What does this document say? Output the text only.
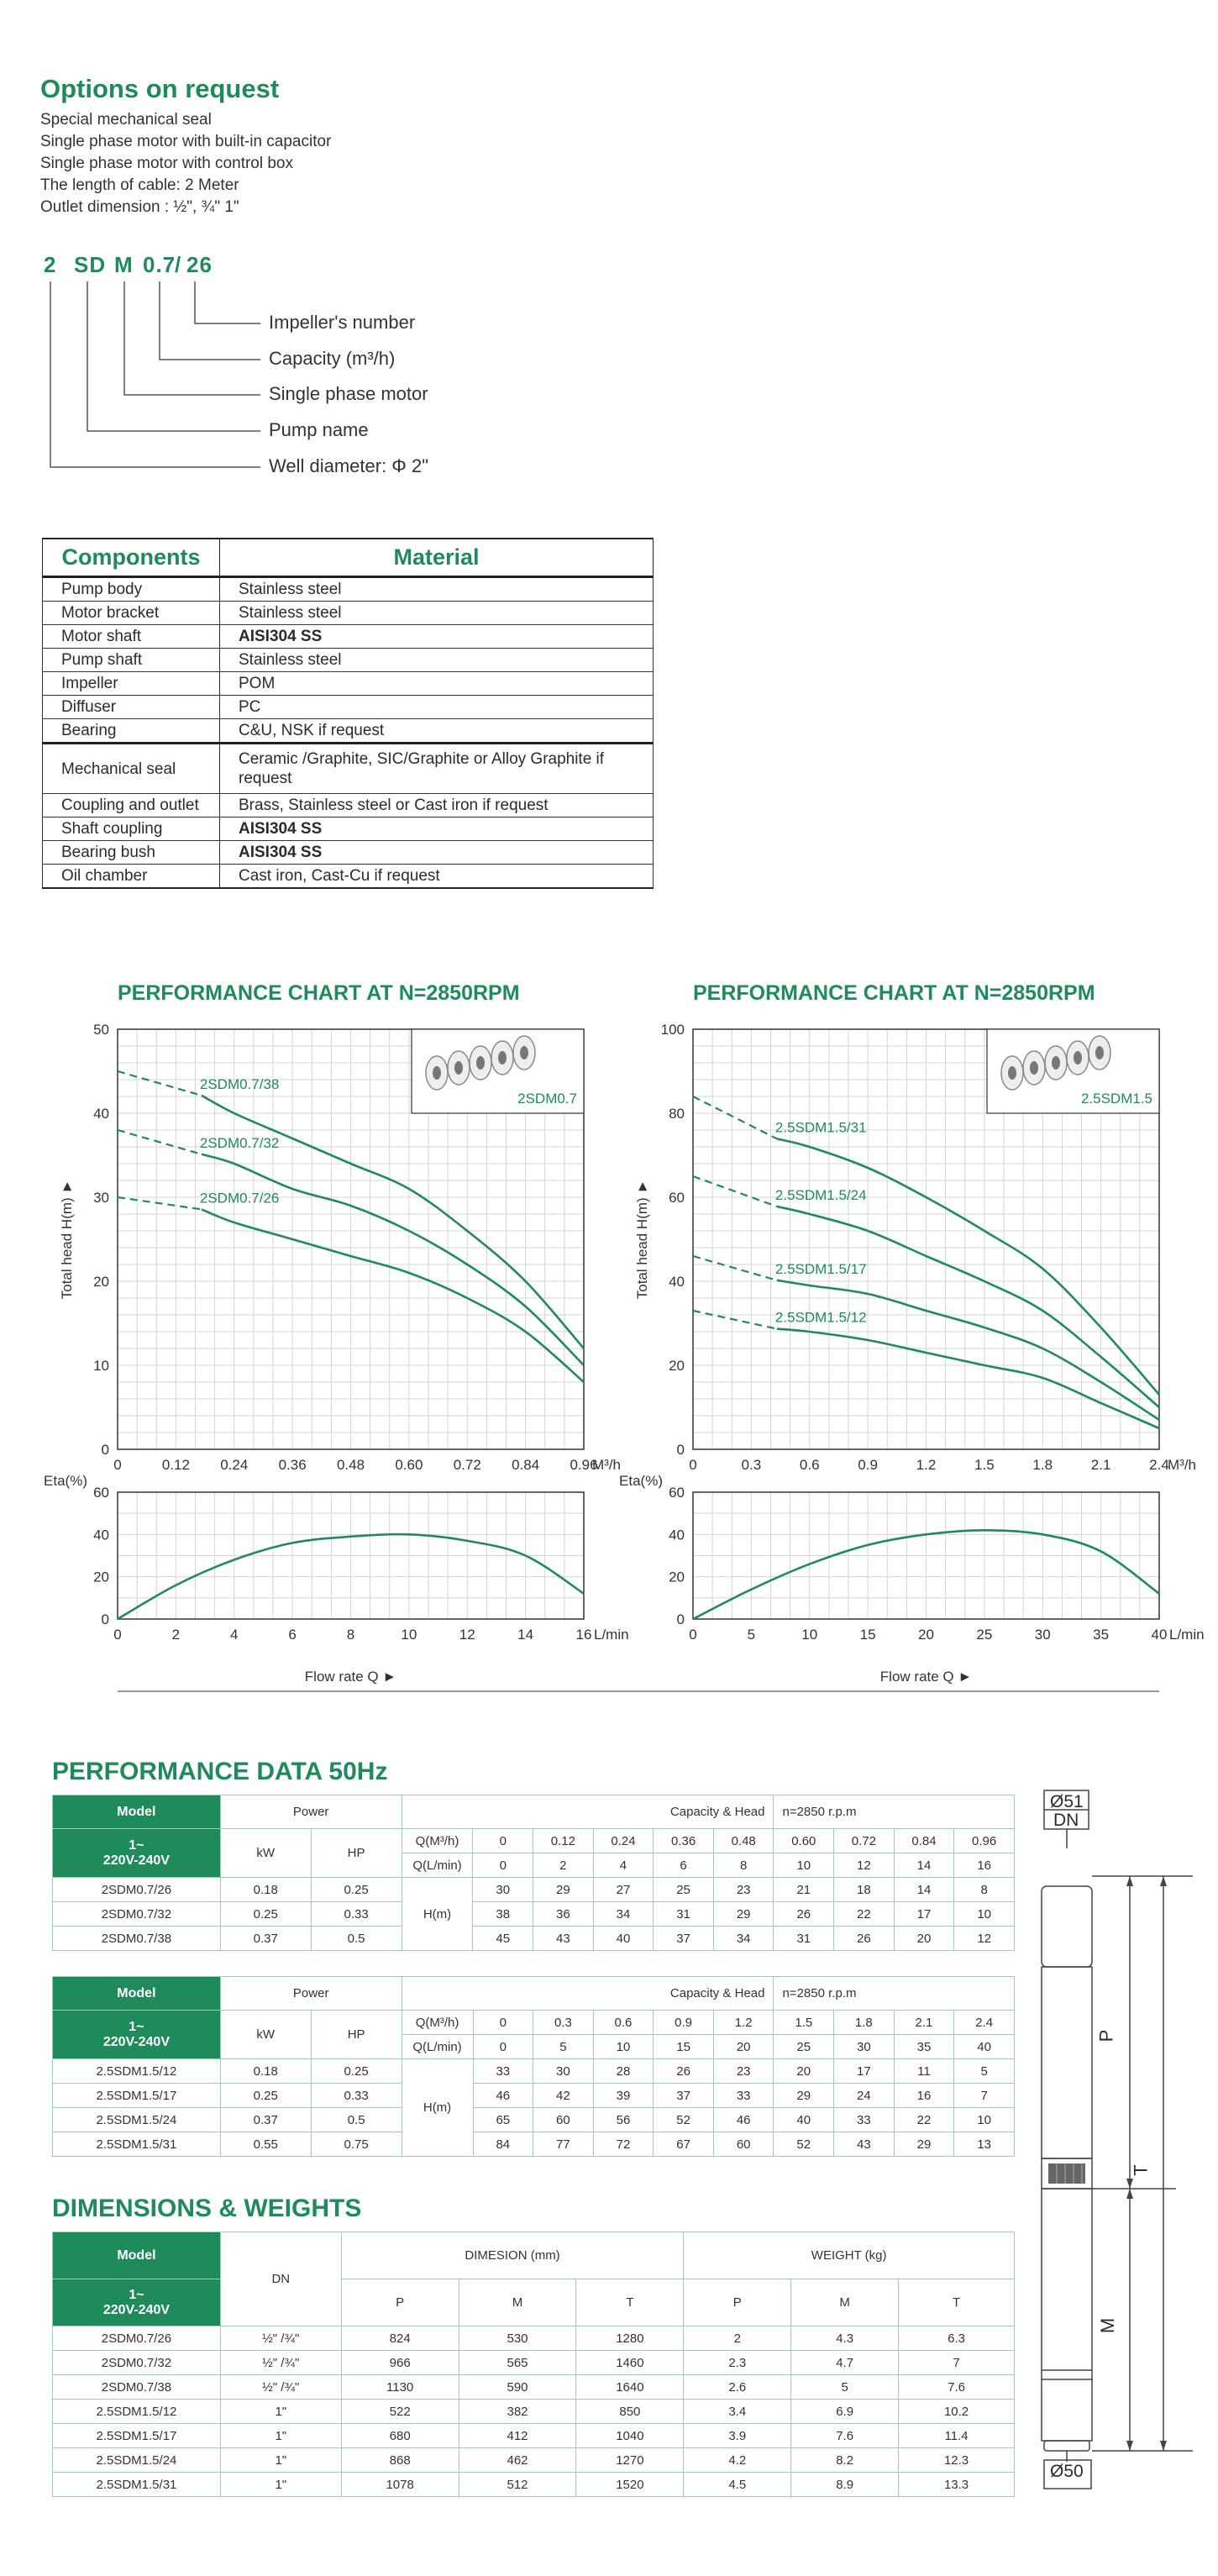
Options on request
Special mechanical seal
Single phase motor with built-in capacitor
Single phase motor with control box
The length of cable: 2 Meter
Outlet dimension : ½", ¾" 1"
2 SD M 0.7
/ 26
Impeller's number
Capacity (m³/h)
Single phase motor
Pump name
Well diameter: Φ 2"
Components	Material
Pump body	Stainless steel
Motor bracket	Stainless steel
Motor shaft	AISI304 SS
Pump shaft	Stainless steel
Impeller	POM
Diffuser	PC
Bearing	C&U, NSK if request
Mechanical seal	Ceramic /Graphite, SIC/Graphite or Alloy Graphite if request
Coupling and outlet	Brass, Stainless steel or Cast iron if request
Shaft coupling	AISI304 SS
Bearing bush	AISI304 SS
Oil chamber	Cast iron, Cast-Cu if request
PERFORMANCE CHART AT N=2850RPM	PERFORMANCE CHART AT N=2850RPM
0	0.12 0.24 0.36 0.48 0.60 0.72 0.84 0.96
M³/h
0
10
20
30
40
50
Total head H(m) ►
2SDM0.7
2SDM0.7/38
2SDM0.7/32
2SDM0.7/26
0
20
40
60
Eta(%)
0	2	4	6	8	10	12	14	16 L/min
Flow rate Q ►
0	0.3	0.6	0.9	1.2	1.5	1.8	2.1	2.4
M³/h
0
20
40
60
80
100
Total head H(m) ►
2.5SDM1.5
2.5SDM1.5/31
2.5SDM1.5/24
2.5SDM1.5/17
2.5SDM1.5/12
0
20
40
60
Eta(%)
0	5	10	15	20	25	30	35	40 L/min
Flow rate Q ►
PERFORMANCE DATA 50Hz
Model	Power		Capacity & Head						n=2850 r.p.m			

1~
220V-240V	kW	HP	Q(M³/h)	0	0.12	0.24	0.36	0.48	0.60	0.72	0.84	0.96
			Q(L/min)	0	2	4	6	8	10	12	14	16
2SDM0.7/26	0.18	0.25	H(m)	30	29	27	25	23	21	18	14	8
2SDM0.7/32	0.25	0.33		38	36	34	31	29	26	22	17	10
2SDM0.7/38	0.37	0.5		45	43	40	37	34	31	26	20	12
Model	Power		Capacity & Head						n=2850 r.p.m			

1~
220V-240V	kW	HP	Q(M³/h)	0	0.3	0.6	0.9	1.2	1.5	1.8	2.1	2.4
			Q(L/min)	0	5	10	15	20	25	30	35	40
2.5SDM1.5/12	0.18	0.25	H(m)	33	30	28	26	23	20	17	11	5
2.5SDM1.5/17	0.25	0.33		46	42	39	37	33	29	24	16	7
2.5SDM1.5/24	0.37	0.5		65	60	56	52	46	40	33	22	10
2.5SDM1.5/31	0.55	0.75		84	77	72	67	60	52	43	29	13
DIMENSIONS & WEIGHTS
Model	DN	DIMESION (mm)			WEIGHT (kg)		

1~
220V-240V		P	M	T	P	M	T
2SDM0.7/26	½" /¾"	824	530	1280	2	4.3	6.3
2SDM0.7/32	½" /¾"	966	565	1460	2.3	4.7	7
2SDM0.7/38	½" /¾"	1130	590	1640	2.6	5	7.6
2.5SDM1.5/12	1"	522	382	850	3.4	6.9	10.2
2.5SDM1.5/17	1"	680	412	1040	3.9	7.6	11.4
2.5SDM1.5/24	1"	868	462	1270	4.2	8.2	12.3
2.5SDM1.5/31	1"	1078	512	1520	4.5	8.9	13.3
Ø51
DN
Ø50
P
T
M
